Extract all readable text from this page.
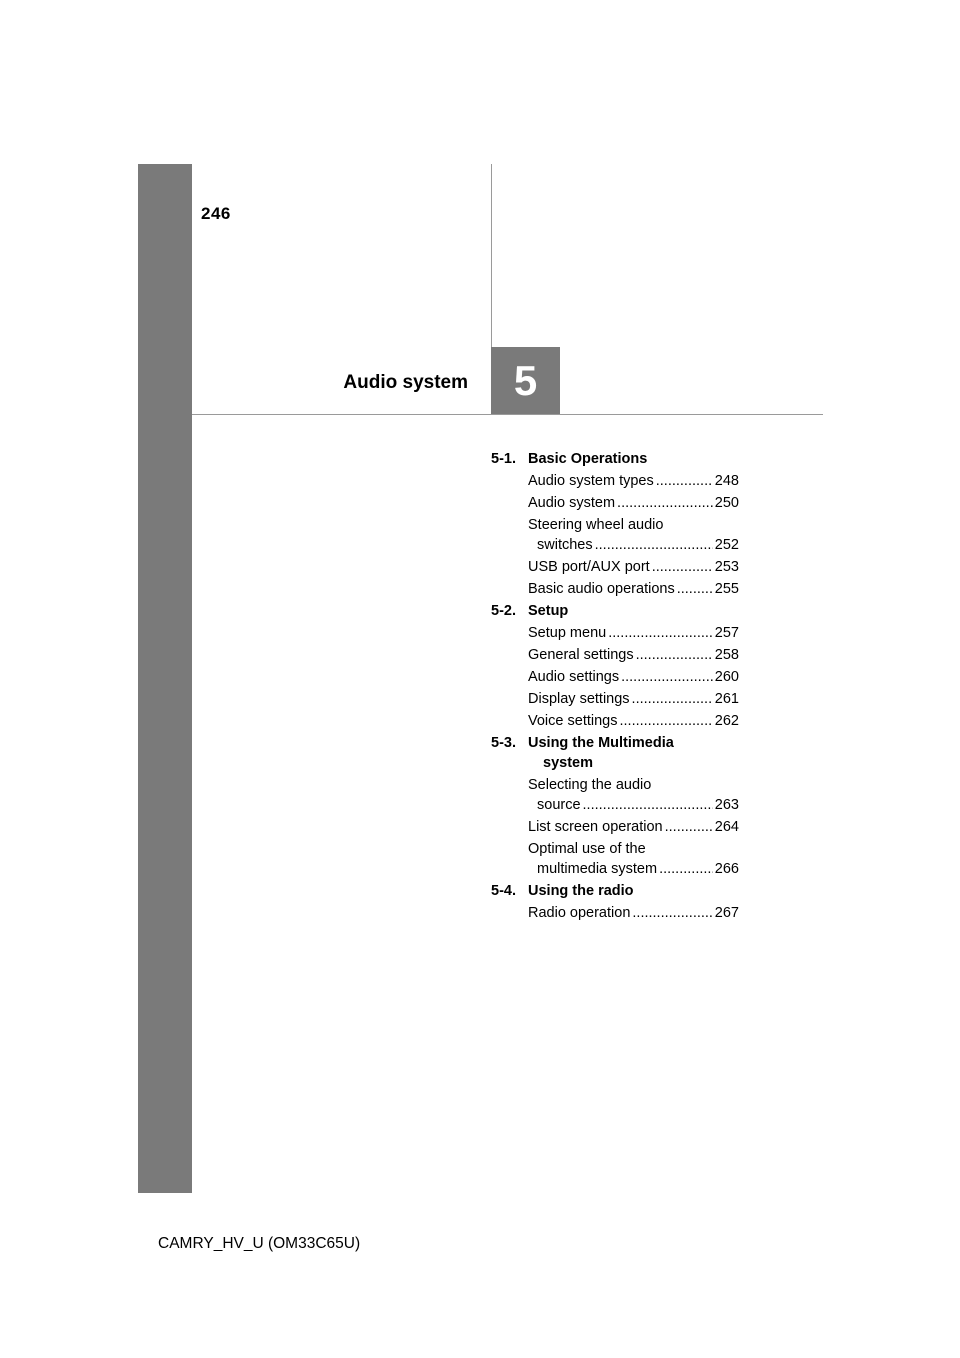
246
Audio system	5
5-1. Basic Operations
Audio system types .....	248
Audio system .....	250
Steering wheel audio
switches .....	252
USB port/AUX port .....	253
Basic audio operations .....	255
5-2. Setup
Setup menu .....	257
General settings .....	258
Audio settings .....	260
Display settings .....	261
Voice settings .....	262
5-3. Using the Multimedia
system
Selecting the audio
source .....	263
List screen operation .....	264
Optimal use of the
multimedia system .....	266
5-4. Using the radio
Radio operation .....	267
CAMRY_HV_U (OM33C65U)
